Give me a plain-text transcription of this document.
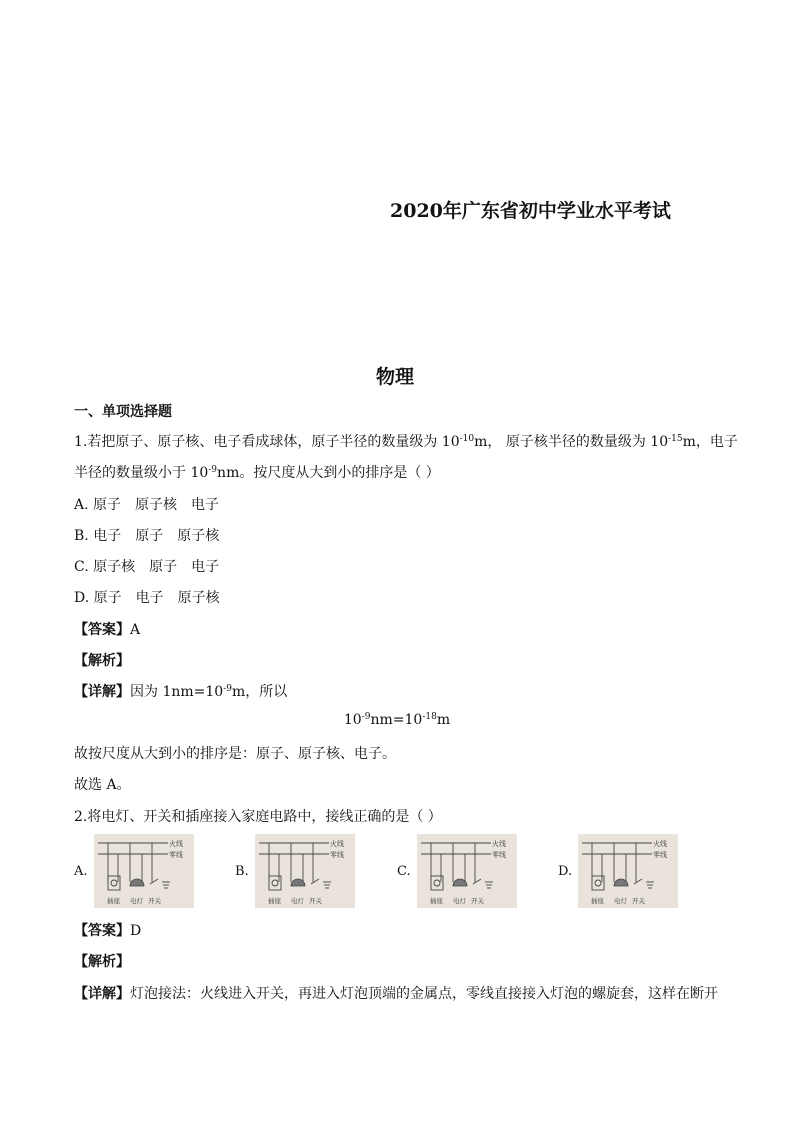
2020年广东省初中学业水平考试
物理
一、单项选择题
1.若把原子、原子核、电子看成球体，原子半径的数量级为 $10^{-10}m$， 原子核半径的数量级为 $10^{-15}m$，电子
半径的数量级小于 $10^{-9}nm$。按尺度从大到小的排序是（ ）
A. 原子 原子核 电子
B. 电子 原子 原子核
C. 原子核 原子 电子
D. 原子 电子 原子核
【答案】A
【解析】
【详解】因为 $1nm=10^{-9}m$，所以
$10^{-9}nm=10^{-18}m$
故按尺度从大到小的排序是：原子、原子核、电子。
故选 A。
2.将电灯、开关和插座接入家庭电路中，接线正确的是（ ）
A.	B.	C.	D.
火线
零线
插座 电灯 开关
火线
零线
插座 电灯 开关
火线
零线
插座 电灯 开关
火线
零线
插座 电灯 开关
【答案】D
【解析】
【详解】灯泡接法：火线进入开关，再进入灯泡顶端的金属点，零线直接接入灯泡的螺旋套，这样在断开
